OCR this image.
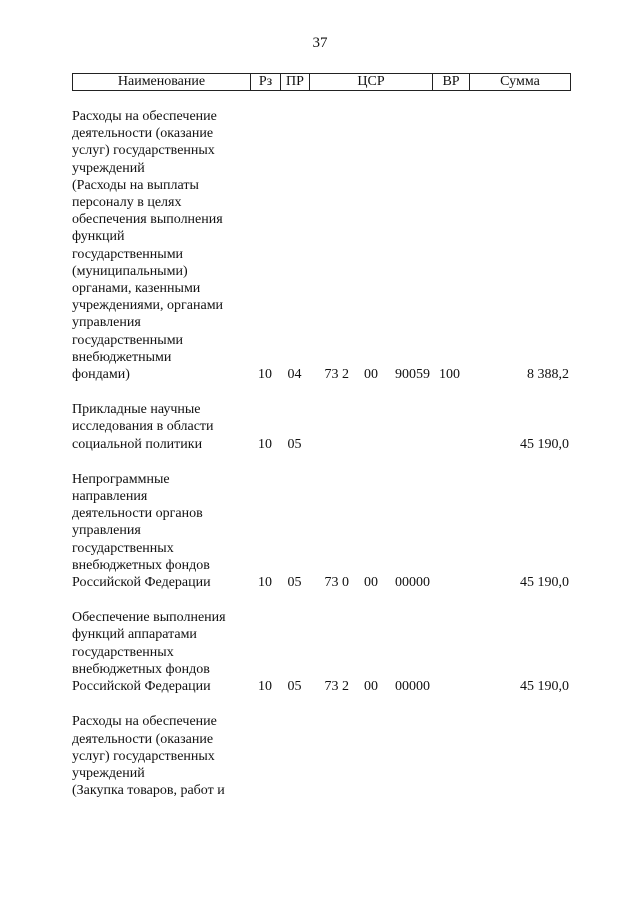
37
Наименование	Рз ПР	ЦСР	ВР	Сумма
Расходы на обеспечение
деятельности (оказание
услуг) государственных
учреждений
(Расходы на выплаты
персоналу в целях
обеспечения выполнения
функций
государственными
(муниципальными)
органами, казенными
учреждениями, органами
управления
государственными
внебюджетными
фондами)	10	04	73 2	00	90059 100	8 388,2
Прикладные научные
исследования в области
социальной политики	10	05	45 190,0
Непрограммные
направления
деятельности органов
управления
государственных
внебюджетных фондов
Российской Федерации	10	05	73 0	00	00000	45 190,0
Обеспечение выполнения
функций аппаратами
государственных
внебюджетных фондов
Российской Федерации	10	05	73 2	00	00000	45 190,0
Расходы на обеспечение
деятельности (оказание
услуг) государственных
учреждений
(Закупка товаров, работ и
